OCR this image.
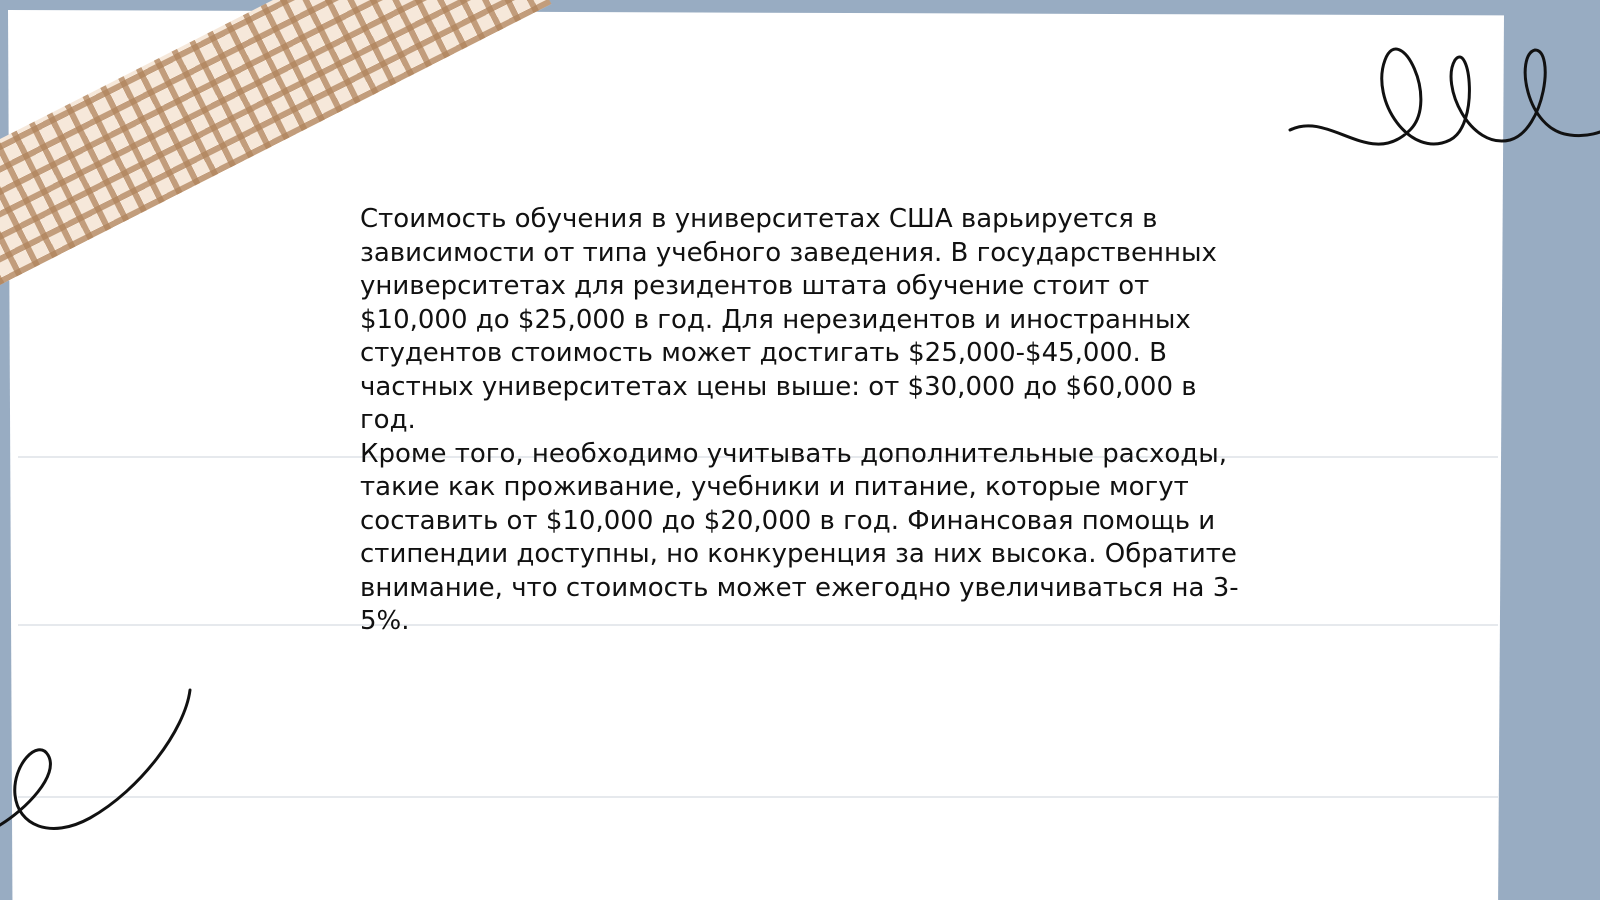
Стоимость обучения в университетах США варьируется в
зависимости от типа учебного заведения. В государственных
университетах для резидентов штата обучение стоит от
$10,000 до $25,000 в год. Для нерезидентов и иностранных
студентов стоимость может достигать $25,000-$45,000. В
частных университетах цены выше: от $30,000 до $60,000 в год.
Кроме того, необходимо учитывать дополнительные расходы,
такие как проживание, учебники и питание, которые могут
составить от $10,000 до $20,000 в год. Финансовая помощь и
стипендии доступны, но конкуренция за них высока. Обратите
внимание, что стоимость может ежегодно увеличиваться на 3-
5%.
